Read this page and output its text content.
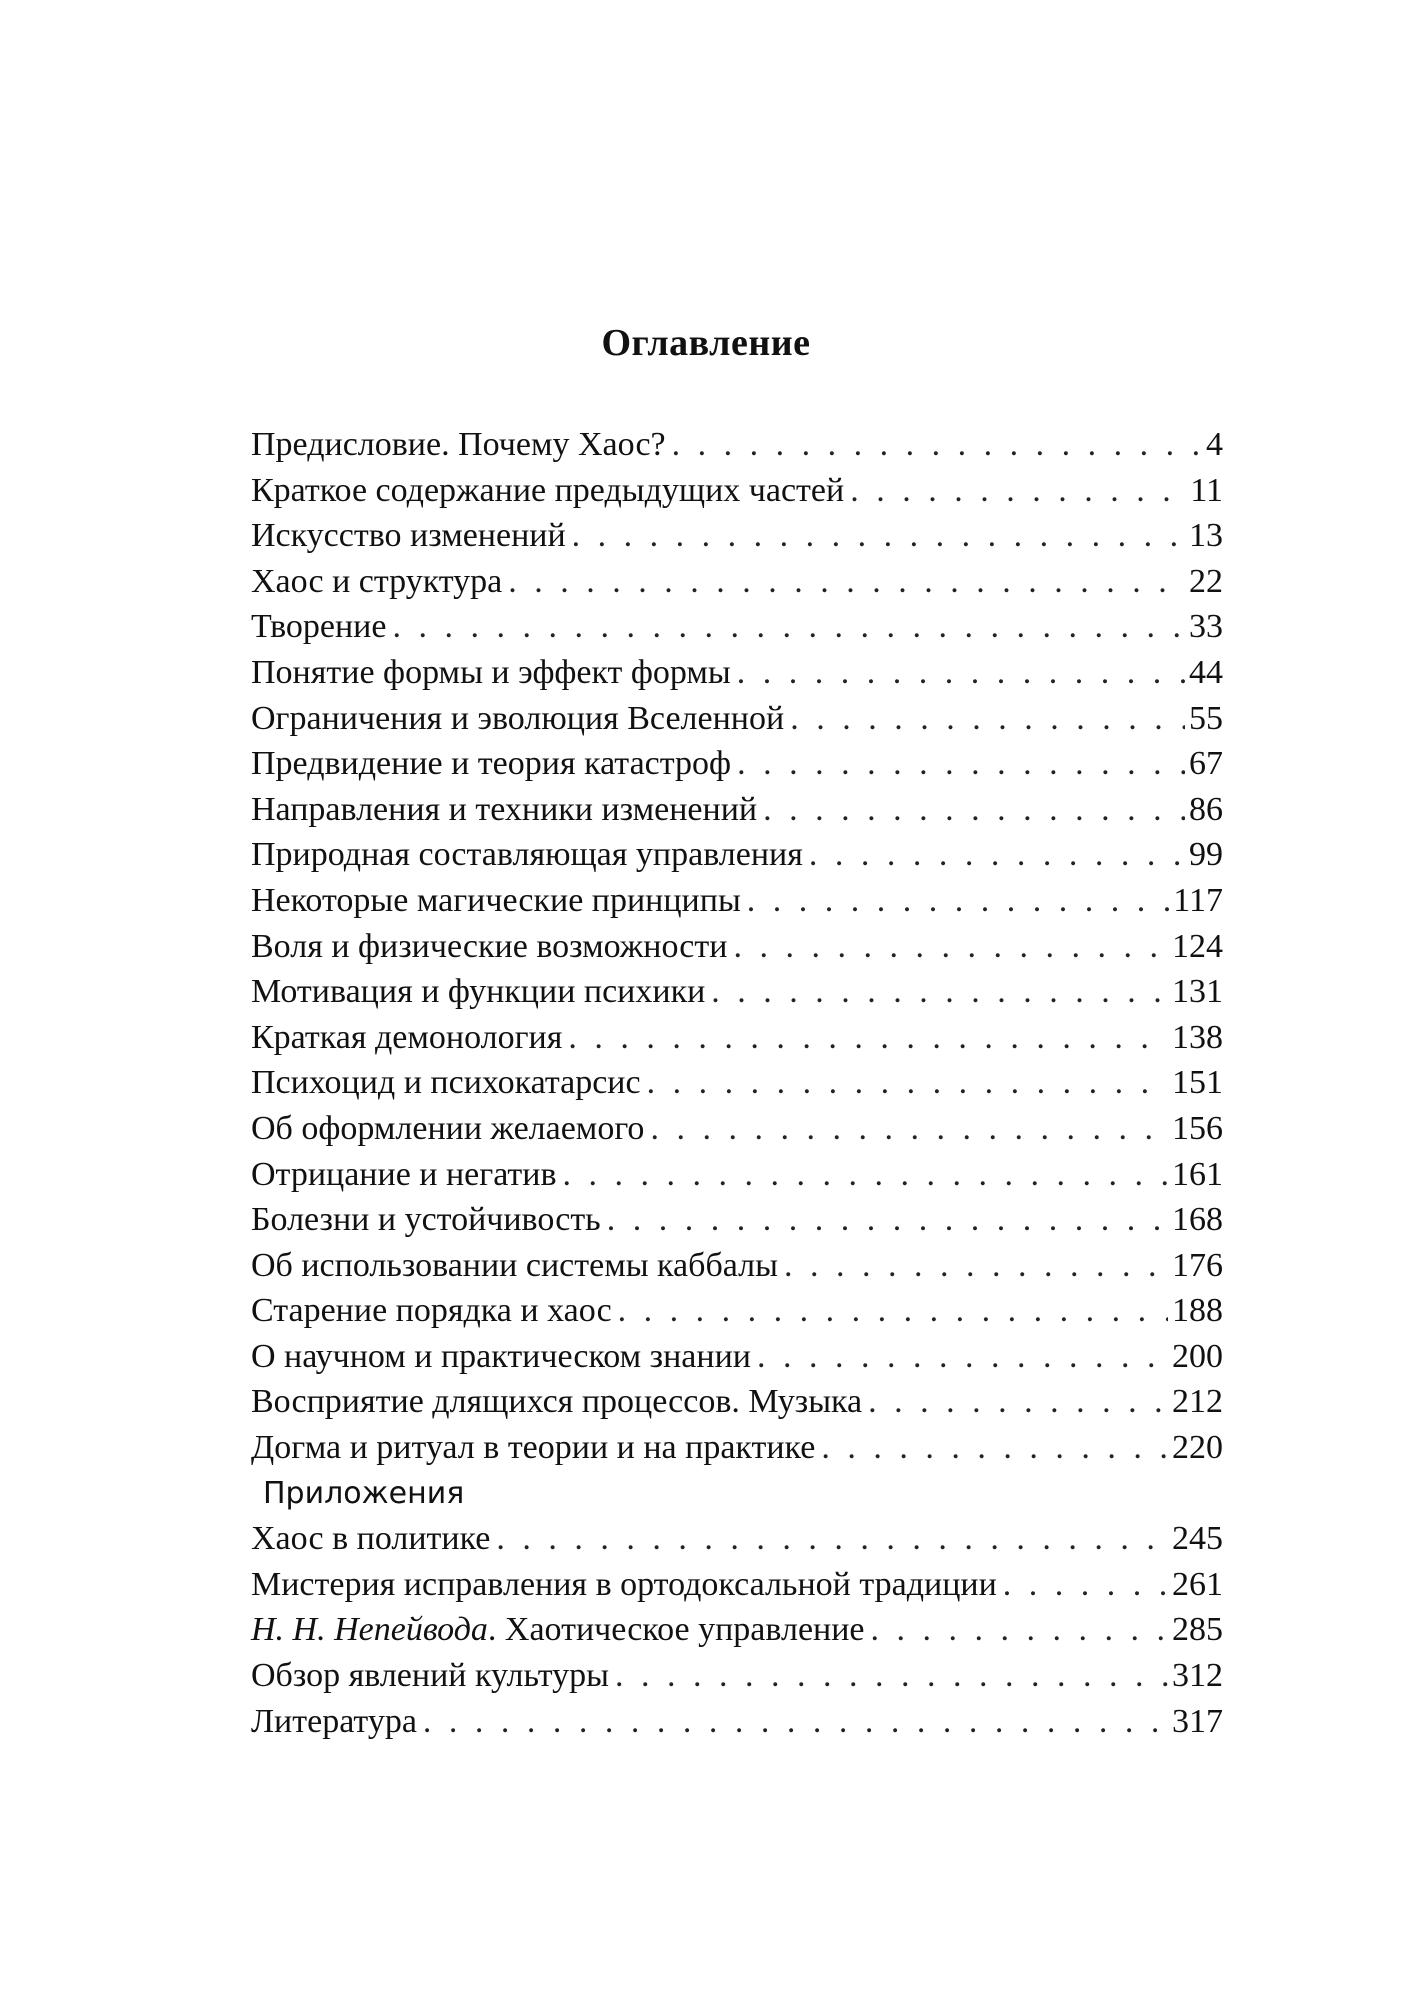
Оглавление
Предисловие. Почему Хаос? . . .	4
Краткое содержание предыдущих частей . . .	11
Искусство изменений . . .	13
Хаос и структура . . .	22
Творение . . .	33
Понятие формы и эффект формы . . .	44
Ограничения и эволюция Вселенной . . .	55
Предвидение и теория катастроф . . .	67
Направления и техники изменений . . .	86
Природная составляющая управления . . .	99
Некоторые магические принципы . . .	117
Воля и физические возможности . . .	124
Мотивация и функции психики . . .	131
Краткая демонология . . .	138
Психоцид и психокатарсис . . .	151
Об оформлении желаемого . . .	156
Отрицание и негатив . . .	161
Болезни и устойчивость . . .	168
Об использовании системы каббалы . . .	176
Старение порядка и хаос . . .	188
О научном и практическом знании . . .	200
Восприятие длящихся процессов. Музыка . . .	212
Догма и ритуал в теории и на практике . . .	220
Приложения
Хаос в политике . . .	245
Мистерия исправления в ортодоксальной традиции . . .	261
Н. Н. Непейвода. Хаотическое управление . . .	285
Обзор явлений культуры . . .	312
Литература . . .	317
